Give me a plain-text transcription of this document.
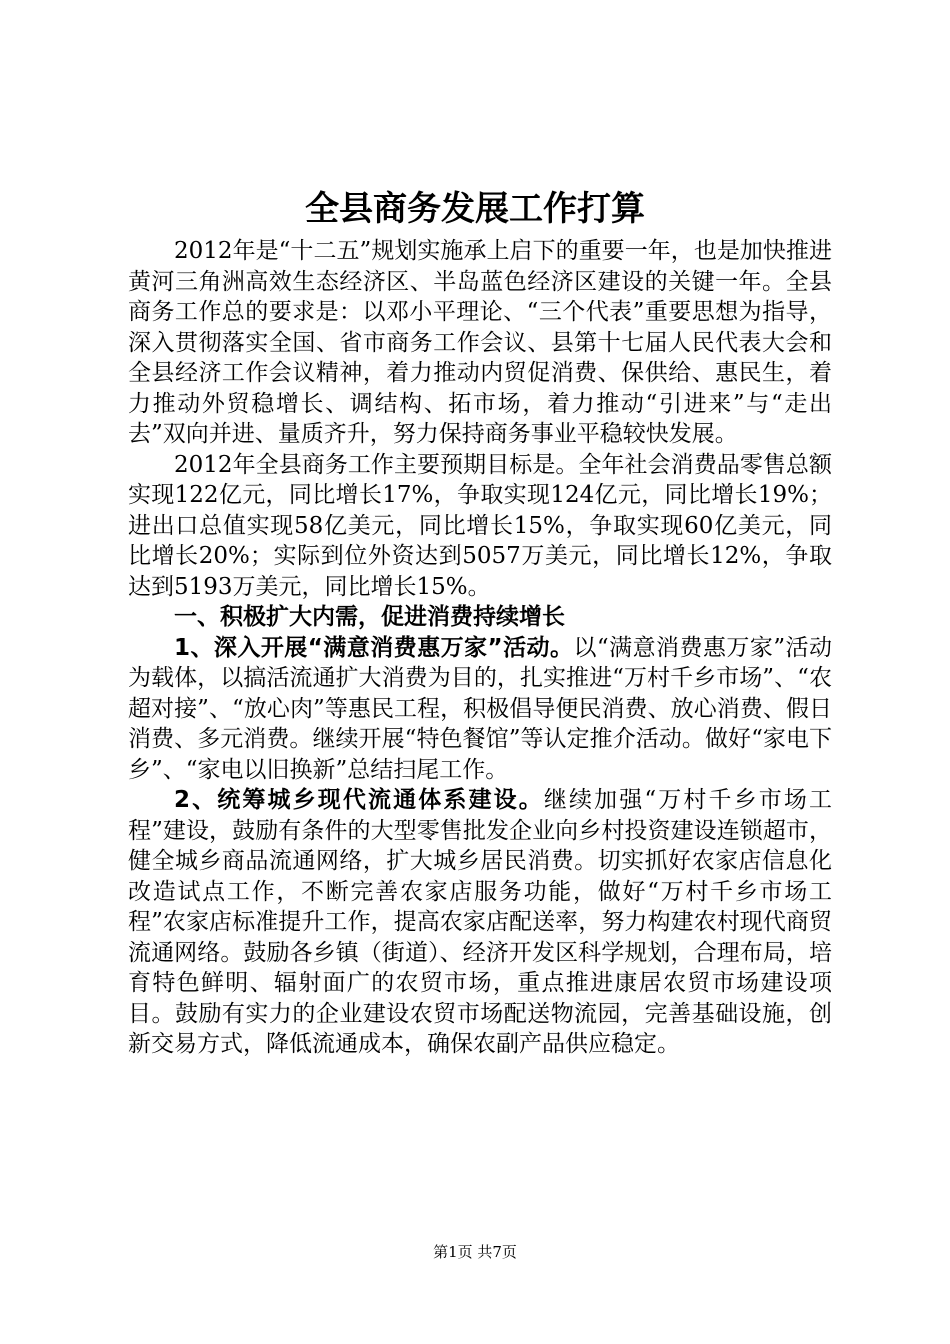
全县商务发展工作打算

2012年是“十二五”规划实施承上启下的重要一年，也是加快推进黄河三角洲高效生态经济区、半岛蓝色经济区建设的关键一年。全县商务工作总的要求是：以邓小平理论、“三个代表”重要思想为指导，深入贯彻落实全国、省市商务工作会议、县第十七届人民代表大会和全县经济工作会议精神，着力推动内贸促消费、保供给、惠民生，着力推动外贸稳增长、调结构、拓市场，着力推动“引进来”与“走出去”双向并进、量质齐升，努力保持商务事业平稳较快发展。

2012年全县商务工作主要预期目标是。全年社会消费品零售总额实现122亿元，同比增长17%，争取实现124亿元，同比增长19%；进出口总值实现58亿美元，同比增长15%，争取实现60亿美元，同比增长20%；实际到位外资达到5057万美元，同比增长12%，争取达到5193万美元，同比增长15%。

一、积极扩大内需，促进消费持续增长

1、深入开展“满意消费惠万家”活动。以“满意消费惠万家”活动为载体，以搞活流通扩大消费为目的，扎实推进“万村千乡市场”、“农超对接”、“放心肉”等惠民工程，积极倡导便民消费、放心消费、假日消费、多元消费。继续开展“特色餐馆”等认定推介活动。做好“家电下乡”、“家电以旧换新”总结扫尾工作。

2、统筹城乡现代流通体系建设。继续加强“万村千乡市场工程”建设，鼓励有条件的大型零售批发企业向乡村投资建设连锁超市，健全城乡商品流通网络，扩大城乡居民消费。切实抓好农家店信息化改造试点工作，不断完善农家店服务功能，做好“万村千乡市场工程”农家店标准提升工作，提高农家店配送率，努力构建农村现代商贸流通网络。鼓励各乡镇（街道）、经济开发区科学规划，合理布局，培育特色鲜明、辐射面广的农贸市场，重点推进康居农贸市场建设项目。鼓励有实力的企业建设农贸市场配送物流园，完善基础设施，创新交易方式，降低流通成本，确保农副产品供应稳定。

第1页 共7页
